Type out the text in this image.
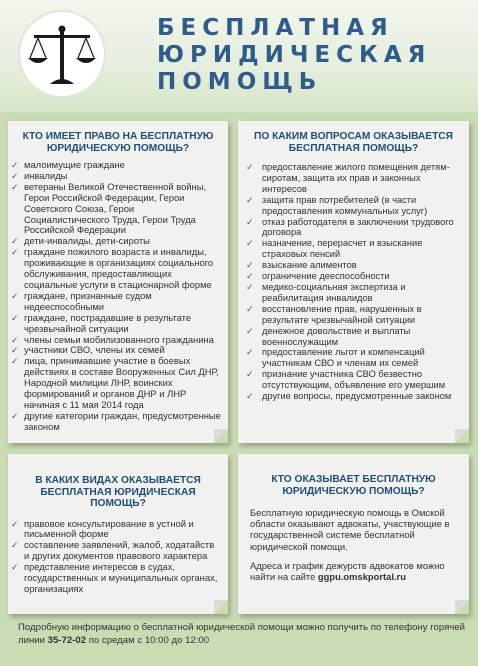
БЕСПЛАТНАЯ
ЮРИДИЧЕСКАЯ
ПОМОЩЬ
КТО ИМЕЕТ ПРАВО НА БЕСПЛАТНУЮ ЮРИДИЧЕСКУЮ ПОМОЩЬ?
✓ малоимущие граждане
✓ инвалиды
✓ ветераны Великой Отечественной войны, Герои Российской Федерации, Герои Советского Союза, Герои Социалистического Труда, Герои Труда Российской Федерации
✓ дети-инвалиды, дети-сироты
✓ граждане пожилого возраста и инвалиды, проживающие в организациях социального обслуживания, предоставляющих социальные услуги в стационарной форме
✓ граждане, признанные судом недееспособными
✓ граждане, пострадавшие в результате чрезвычайной ситуации
✓ члены семьи мобилизованного гражданина
✓ участники СВО, члены их семей
✓ лица, принимавшие участие в боевых действиях в составе Вооруженных Сил ДНР, Народной милиции ЛНР, воинских формирований и органов ДНР и ЛНР начиная с 11 мая 2014 года
✓ другие категории граждан, предусмотренные законом
ПО КАКИМ ВОПРОСАМ ОКАЗЫВАЕТСЯ БЕСПЛАТНАЯ ПОМОЩЬ?
✓ предоставление жилого помещения детям-сиротам, защита их прав и законных интересов
✓ защита прав потребителей (в части предоставления коммунальных услуг)
✓ отказ работодателя в заключении трудового договора
✓ назначение, перерасчет и взыскание страховых пенсий
✓ взыскание алиментов
✓ ограничение дееспособности
✓ медико-социальная экспертиза и реабилитация инвалидов
✓ восстановление прав, нарушенных в результате чрезвычайной ситуации
✓ денежное довольствие и выплаты военнослужащим
✓ предоставление льгот и компенсаций участникам СВО и членам их семей
✓ признание участника СВО безвестно отсутствующим, объявление его умершим
✓ другие вопросы, предусмотренные законом
В КАКИХ ВИДАХ ОКАЗЫВАЕТСЯ БЕСПЛАТНАЯ ЮРИДИЧЕСКАЯ ПОМОЩЬ?
✓ правовое консультирование в устной и письменной форме
✓ составление заявлений, жалоб, ходатайств и других документов правового характера
✓ представление интересов в судах, государственных и муниципальных органах, организациях
КТО ОКАЗЫВАЕТ БЕСПЛАТНУЮ ЮРИДИЧЕСКУЮ ПОМОЩЬ?

Бесплатную юридическую помощь в Омской области оказывают адвокаты, участвующие в государственной системе бесплатной юридической помощи.

Адреса и график дежурств адвокатов можно найти на сайте ggpu.omskportal.ru

Подробную информацию о бесплатной юридической помощи можно получить по телефону горячей линии 35-72-02 по средам с 10:00 до 12:00
